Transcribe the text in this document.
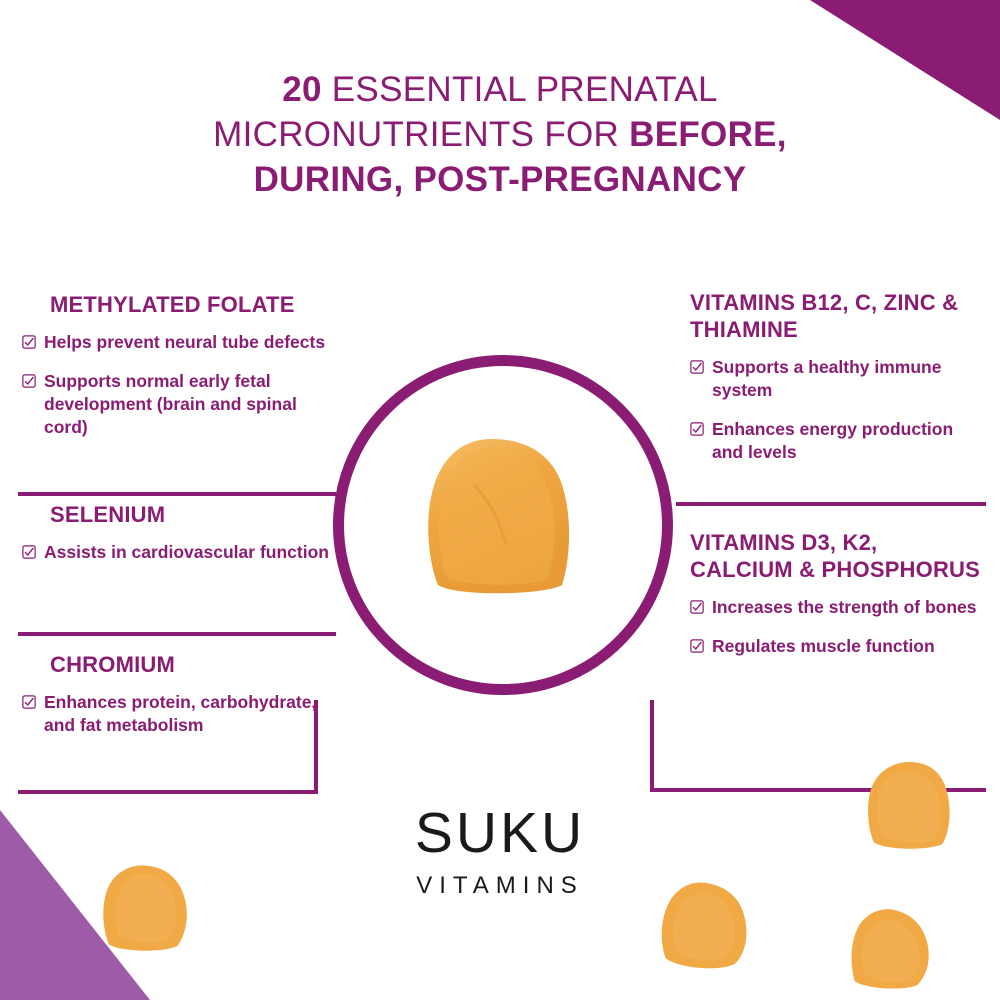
20 ESSENTIAL PRENATAL
MICRONUTRIENTS FOR BEFORE,
DURING, POST-PREGNANCY
METHYLATED FOLATE
Helps prevent neural tube defects
Supports normal early fetal development (brain and spinal cord)
SELENIUM
Assists in cardiovascular function
CHROMIUM
Enhances protein, carbohydrate, and fat metabolism
VITAMINS B12, C, ZINC & THIAMINE
Supports a healthy immune system
Enhances energy production and levels
VITAMINS D3, K2, CALCIUM & PHOSPHORUS
Increases the strength of bones
Regulates muscle function
SUKU
VITAMINS
